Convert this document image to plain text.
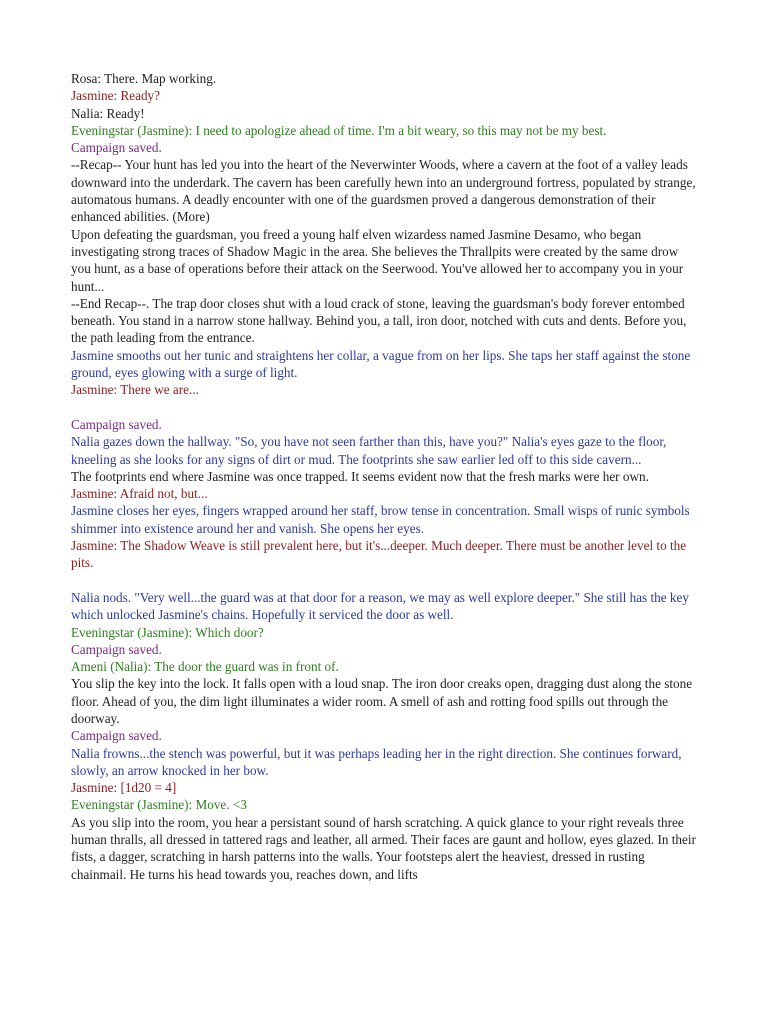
Rosa: There. Map working.

Jasmine: Ready?

Nalia: Ready!

Eveningstar (Jasmine): I need to apologize ahead of time. I'm a bit weary, so this may not be my best.

Campaign saved.

--Recap-- Your hunt has led you into the heart of the Neverwinter Woods, where a cavern at the foot of a valley leads downward into the underdark. The cavern has been carefully hewn into an underground fortress, populated by strange, automatous humans. A deadly encounter with one of the guardsmen proved a dangerous demonstration of their enhanced abilities. (More)

Upon defeating the guardsman, you freed a young half elven wizardess named Jasmine Desamo, who began investigating strong traces of Shadow Magic in the area. She believes the Thrallpits were created by the same drow you hunt, as a base of operations before their attack on the Seerwood. You've allowed her to accompany you in your hunt...

--End Recap--. The trap door closes shut with a loud crack of stone, leaving the guardsman's body forever entombed beneath. You stand in a narrow stone hallway. Behind you, a tall, iron door, notched with cuts and dents. Before you, the path leading from the entrance.

Jasmine smooths out her tunic and straightens her collar, a vague from on her lips. She taps her staff against the stone ground, eyes glowing with a surge of light.

Jasmine: There we are...

Campaign saved.

Nalia gazes down the hallway. "So, you have not seen farther than this, have you?" Nalia's eyes gaze to the floor, kneeling as she looks for any signs of dirt or mud. The footprints she saw earlier led off to this side cavern...

The footprints end where Jasmine was once trapped. It seems evident now that the fresh marks were her own.

Jasmine: Afraid not, but...

Jasmine closes her eyes, fingers wrapped around her staff, brow tense in concentration. Small wisps of runic symbols shimmer into existence around her and vanish. She opens her eyes.

Jasmine: The Shadow Weave is still prevalent here, but it's...deeper. Much deeper. There must be another level to the pits.

Nalia nods. "Very well...the guard was at that door for a reason, we may as well explore deeper." She still has the key which unlocked Jasmine's chains. Hopefully it serviced the door as well.

Eveningstar (Jasmine): Which door?

Campaign saved.

Ameni (Nalia): The door the guard was in front of.

You slip the key into the lock. It falls open with a loud snap. The iron door creaks open, dragging dust along the stone floor. Ahead of you, the dim light illuminates a wider room. A smell of ash and rotting food spills out through the doorway.

Campaign saved.

Nalia frowns...the stench was powerful, but it was perhaps leading her in the right direction. She continues forward, slowly, an arrow knocked in her bow.

Jasmine: [1d20 = 4]

Eveningstar (Jasmine): Move. <3

As you slip into the room, you hear a persistant sound of harsh scratching. A quick glance to your right reveals three human thralls, all dressed in tattered rags and leather, all armed. Their faces are gaunt and hollow, eyes glazed. In their fists, a dagger, scratching in harsh patterns into the walls. Your footsteps alert the heaviest, dressed in rusting chainmail. He turns his head towards you, reaches down, and lifts
